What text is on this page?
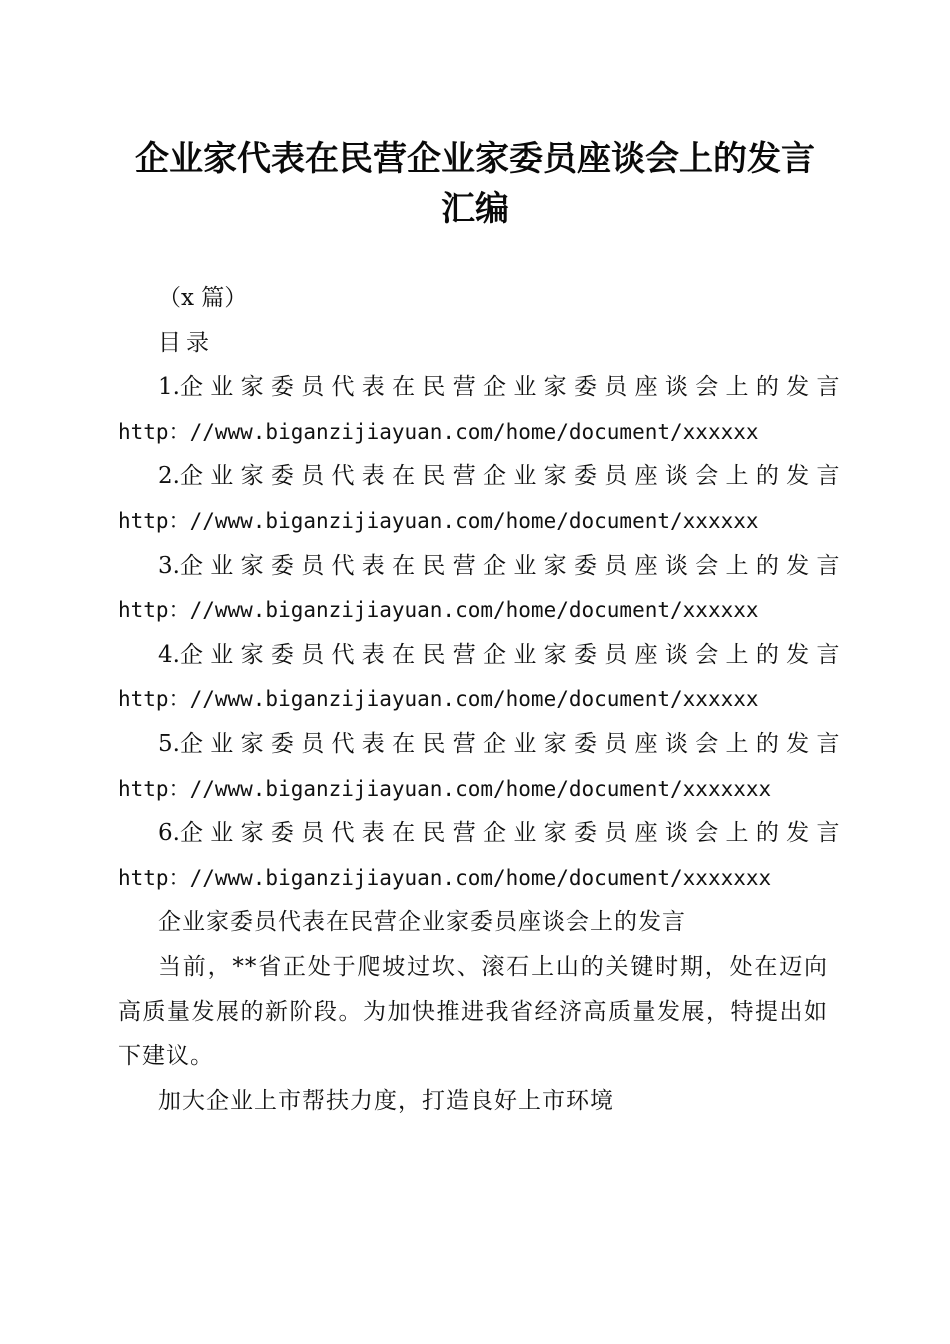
企业家代表在民营企业家委员座谈会上的发言
汇编

（x 篇）

目录

1.企 业 家 委 员 代 表 在 民 营 企 业 家 委 员 座 谈 会 上 的 发 言

http：//www.biganzijiayuan.com/home/document/xxxxxx

2.企 业 家 委 员 代 表 在 民 营 企 业 家 委 员 座 谈 会 上 的 发 言

http：//www.biganzijiayuan.com/home/document/xxxxxx

3.企 业 家 委 员 代 表 在 民 营 企 业 家 委 员 座 谈 会 上 的 发 言

http：//www.biganzijiayuan.com/home/document/xxxxxx

4.企 业 家 委 员 代 表 在 民 营 企 业 家 委 员 座 谈 会 上 的 发 言

http：//www.biganzijiayuan.com/home/document/xxxxxx

5.企 业 家 委 员 代 表 在 民 营 企 业 家 委 员 座 谈 会 上 的 发 言

http：//www.biganzijiayuan.com/home/document/xxxxxxx

6.企 业 家 委 员 代 表 在 民 营 企 业 家 委 员 座 谈 会 上 的 发 言

http：//www.biganzijiayuan.com/home/document/xxxxxxx

企业家委员代表在民营企业家委员座谈会上的发言

当前，**省正处于爬坡过坎、滚石上山的关键时期，处在迈向高质量发展的新阶段。为加快推进我省经济高质量发展，特提出如下建议。

加大企业上市帮扶力度，打造良好上市环境
